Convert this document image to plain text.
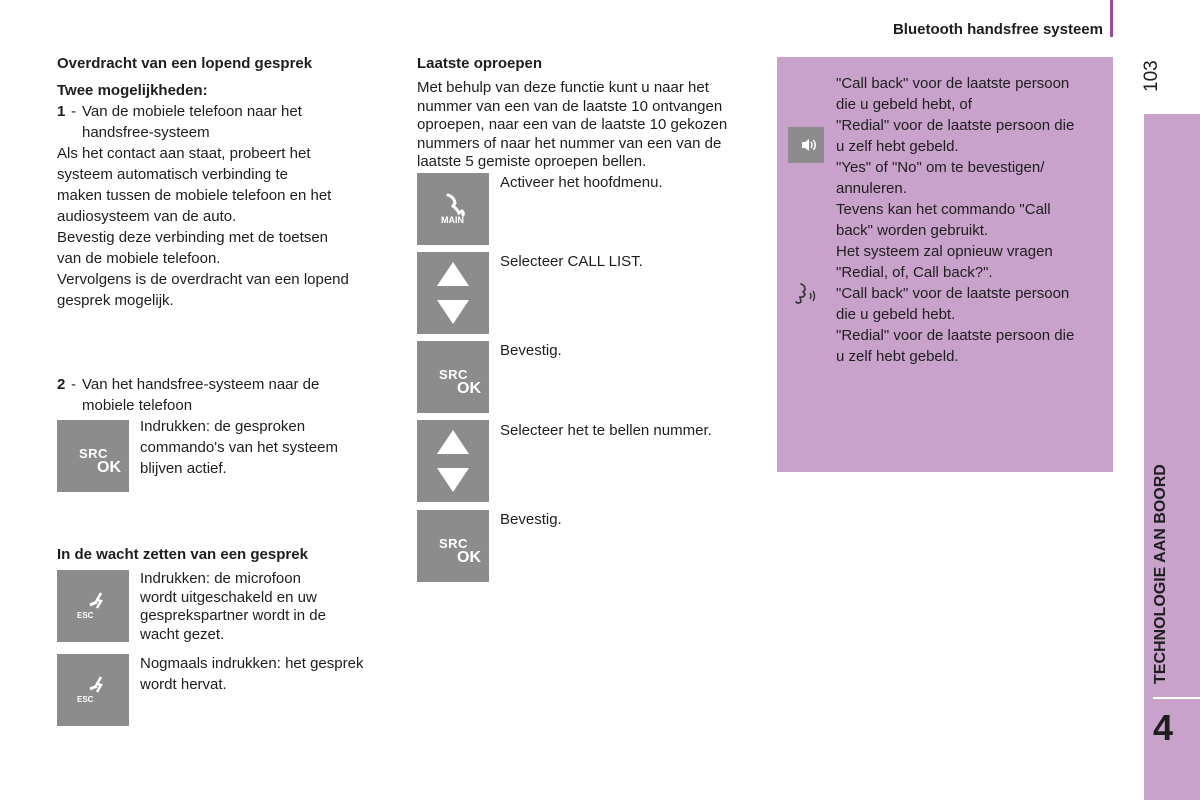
Bluetooth handsfree systeem
103
TECHNOLOGIE AAN BOORD
4
Overdracht van een lopend gesprek
Twee mogelijkheden:
1 - Van de mobiele telefoon naar het
handsfree-systeem
Als het contact aan staat, probeert het
systeem automatisch verbinding te
maken tussen de mobiele telefoon en het
audiosysteem van de auto.
Bevestig deze verbinding met de toetsen
van de mobiele telefoon.
Vervolgens is de overdracht van een lopend
gesprek mogelijk.
2 - Van het handsfree-systeem naar de
mobiele telefoon
SRC
OK
Indrukken: de gesproken
commando's van het systeem
blijven actief.
In de wacht zetten van een gesprek
ESC
Indrukken: de microfoon
wordt uitgeschakeld en uw
gesprekspartner wordt in de
wacht gezet.
ESC
Nogmaals indrukken: het gesprek
wordt hervat.
Laatste oproepen
Met behulp van deze functie kunt u naar het
nummer van een van de laatste 10 ontvangen
oproepen, naar een van de laatste 10 gekozen
nummers of naar het nummer van een van de
laatste 5 gemiste oproepen bellen.
MAIN
Activeer het hoofdmenu.
Selecteer CALL LIST.
SRC
OK
Bevestig.
Selecteer het te bellen nummer.
SRC
OK
Bevestig.
"Call back" voor de laatste persoon
die u gebeld hebt, of
"Redial" voor de laatste persoon die
u zelf hebt gebeld.
"Yes" of "No" om te bevestigen/
annuleren.
Tevens kan het commando "Call
back" worden gebruikt.
Het systeem zal opnieuw vragen
"Redial, of, Call back?".
"Call back" voor de laatste persoon
die u gebeld hebt.
"Redial" voor de laatste persoon die
u zelf hebt gebeld.
